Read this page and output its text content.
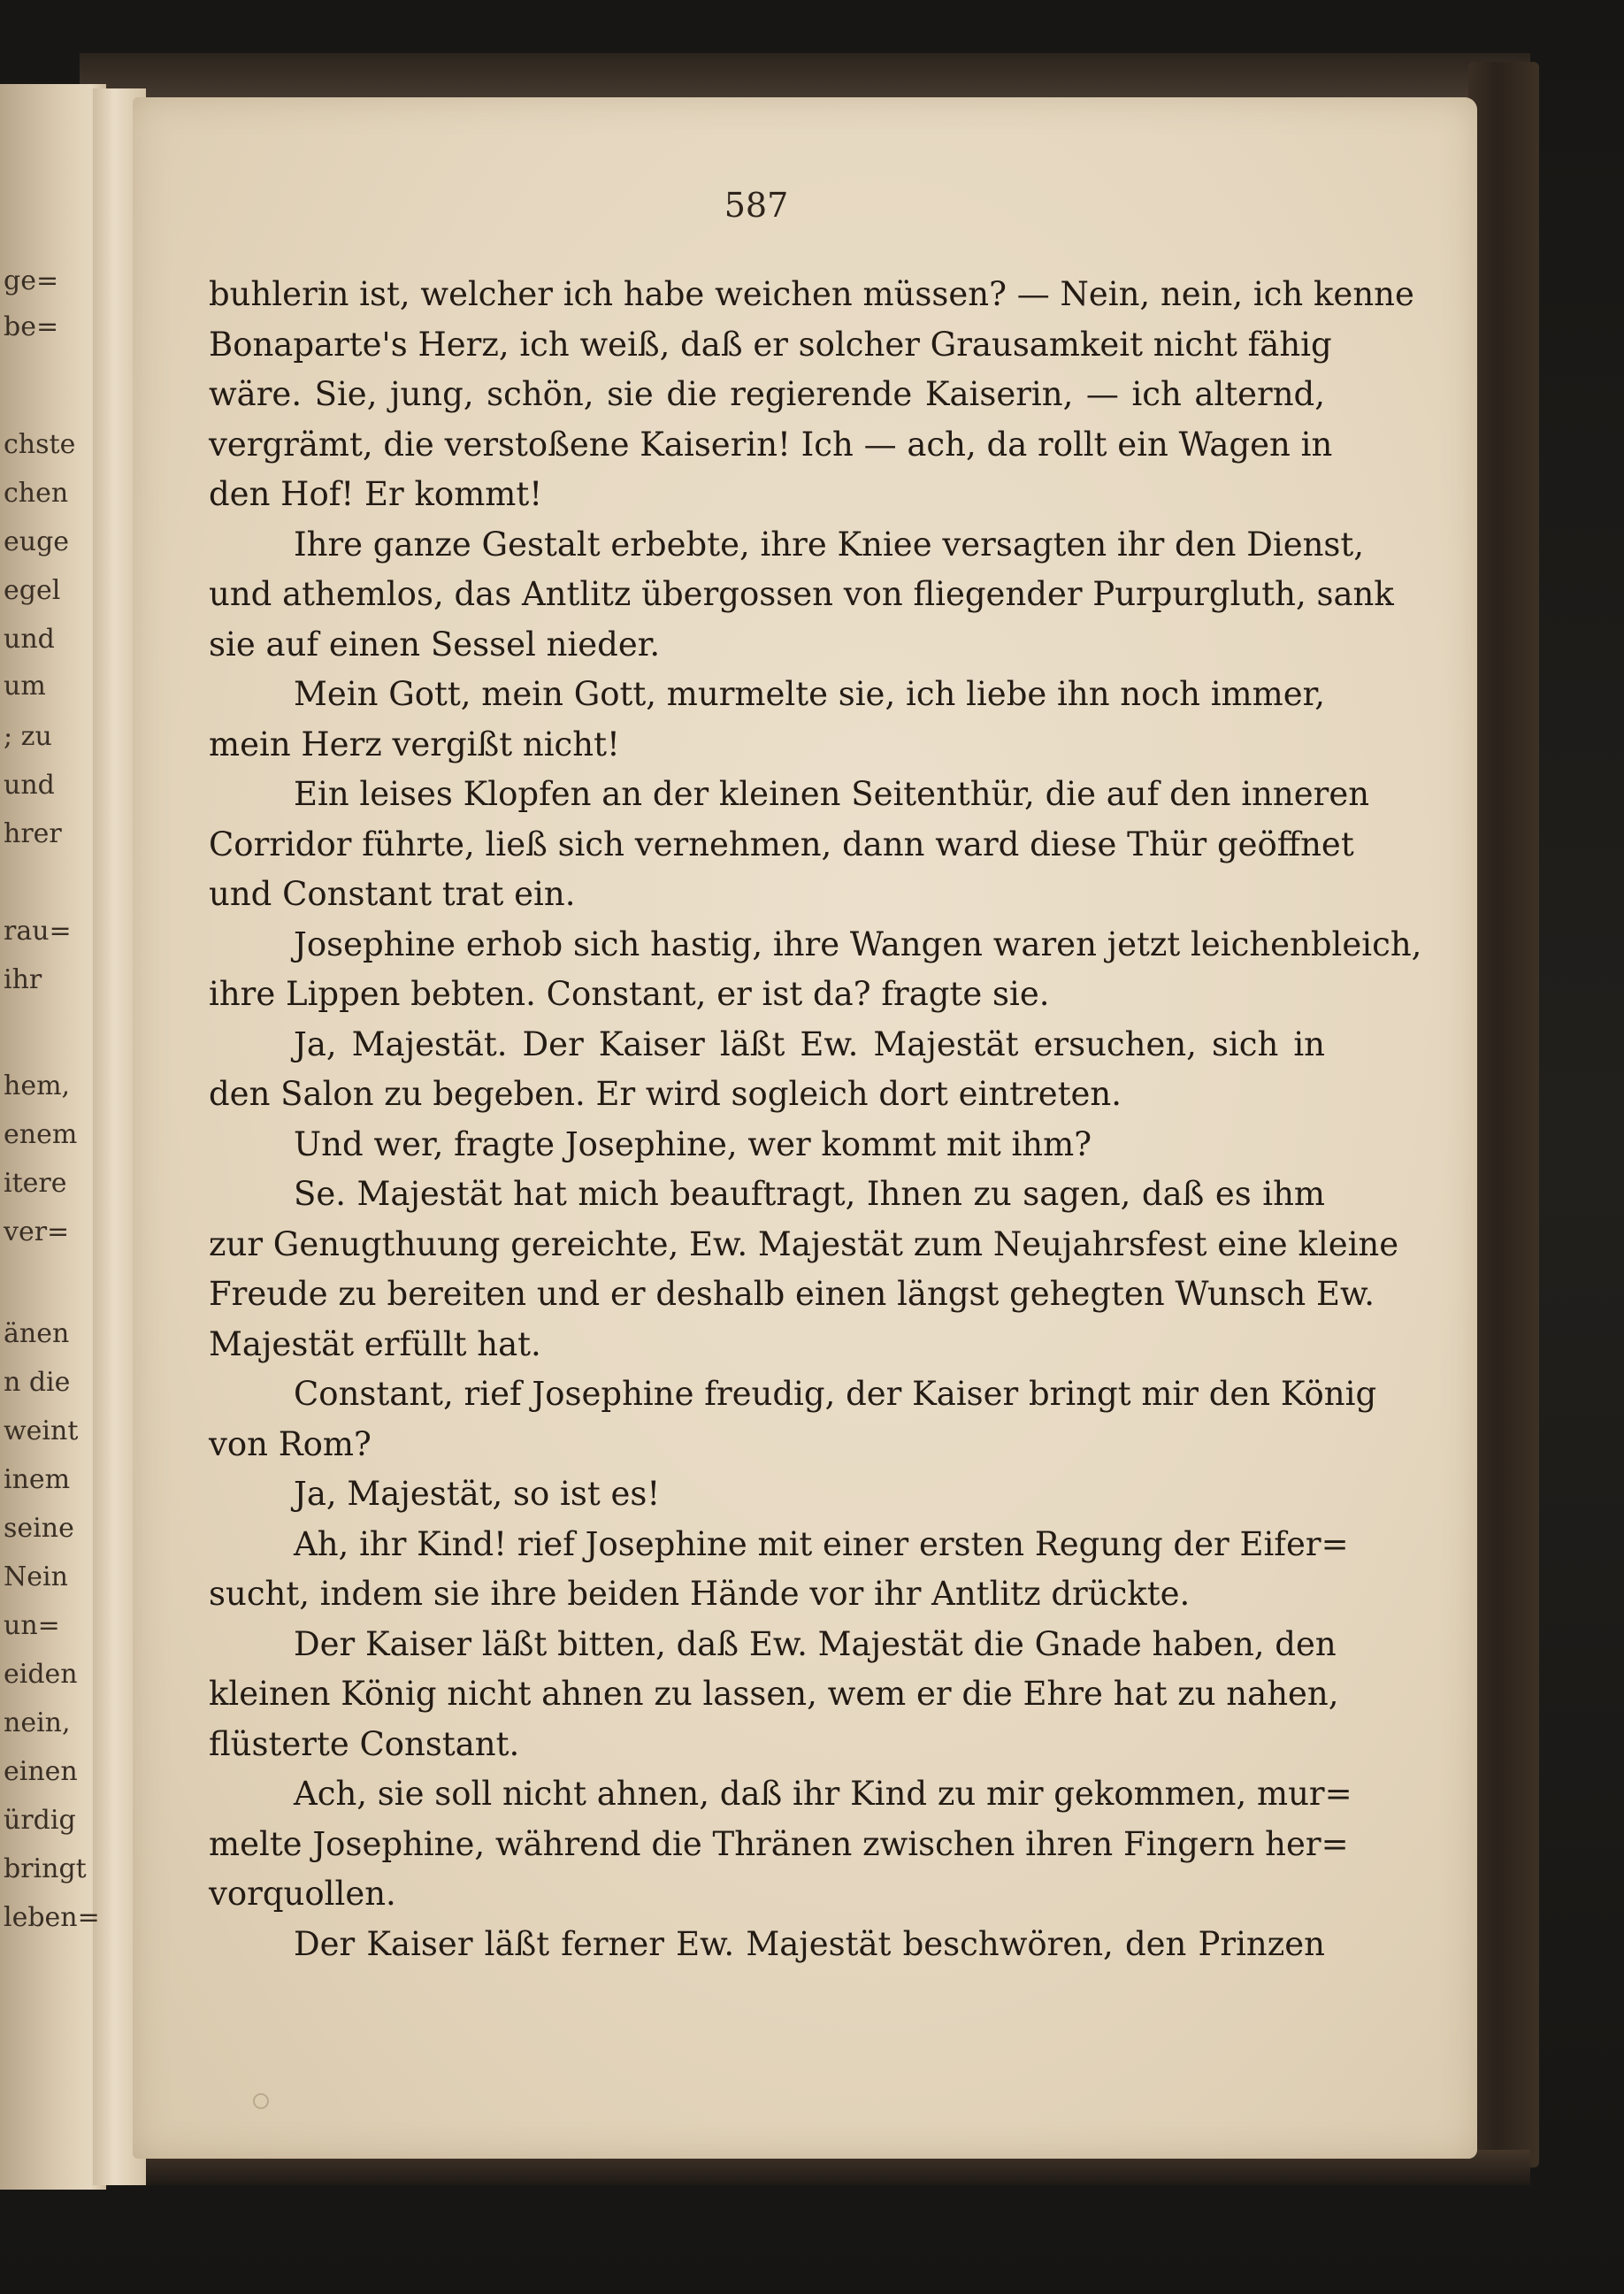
ge=
be=
chste
chen
euge
egel
und
um
; zu
und
hrer
rau=
ihr
hem,
enem
itere
ver=
änen
n die
weint
inem
seine
Nein
un=
eiden
nein,
einen
ürdig
bringt
leben=
587
buhlerin ist, welcher ich habe weichen müssen? — Nein, nein, ich kenne
Bonaparte's Herz, ich weiß, daß er solcher Grausamkeit nicht fähig
wäre. Sie, jung, schön, sie die regierende Kaiserin, — ich alternd,
vergrämt, die verstoßene Kaiserin! Ich — ach, da rollt ein Wagen in
den Hof! Er kommt!
Ihre ganze Gestalt erbebte, ihre Kniee versagten ihr den Dienst,
und athemlos, das Antlitz übergossen von fliegender Purpurgluth, sank
sie auf einen Sessel nieder.
Mein Gott, mein Gott, murmelte sie, ich liebe ihn noch immer,
mein Herz vergißt nicht!
Ein leises Klopfen an der kleinen Seitenthür, die auf den inneren
Corridor führte, ließ sich vernehmen, dann ward diese Thür geöffnet
und Constant trat ein.
Josephine erhob sich hastig, ihre Wangen waren jetzt leichenbleich,
ihre Lippen bebten. Constant, er ist da? fragte sie.
Ja, Majestät. Der Kaiser läßt Ew. Majestät ersuchen, sich in
den Salon zu begeben. Er wird sogleich dort eintreten.
Und wer, fragte Josephine, wer kommt mit ihm?
Se. Majestät hat mich beauftragt, Ihnen zu sagen, daß es ihm
zur Genugthuung gereichte, Ew. Majestät zum Neujahrsfest eine kleine
Freude zu bereiten und er deshalb einen längst gehegten Wunsch Ew.
Majestät erfüllt hat.
Constant, rief Josephine freudig, der Kaiser bringt mir den König
von Rom?
Ja, Majestät, so ist es!
Ah, ihr Kind! rief Josephine mit einer ersten Regung der Eifer=
sucht, indem sie ihre beiden Hände vor ihr Antlitz drückte.
Der Kaiser läßt bitten, daß Ew. Majestät die Gnade haben, den
kleinen König nicht ahnen zu lassen, wem er die Ehre hat zu nahen,
flüsterte Constant.
Ach, sie soll nicht ahnen, daß ihr Kind zu mir gekommen, mur=
melte Josephine, während die Thränen zwischen ihren Fingern her=
vorquollen.
Der Kaiser läßt ferner Ew. Majestät beschwören, den Prinzen
